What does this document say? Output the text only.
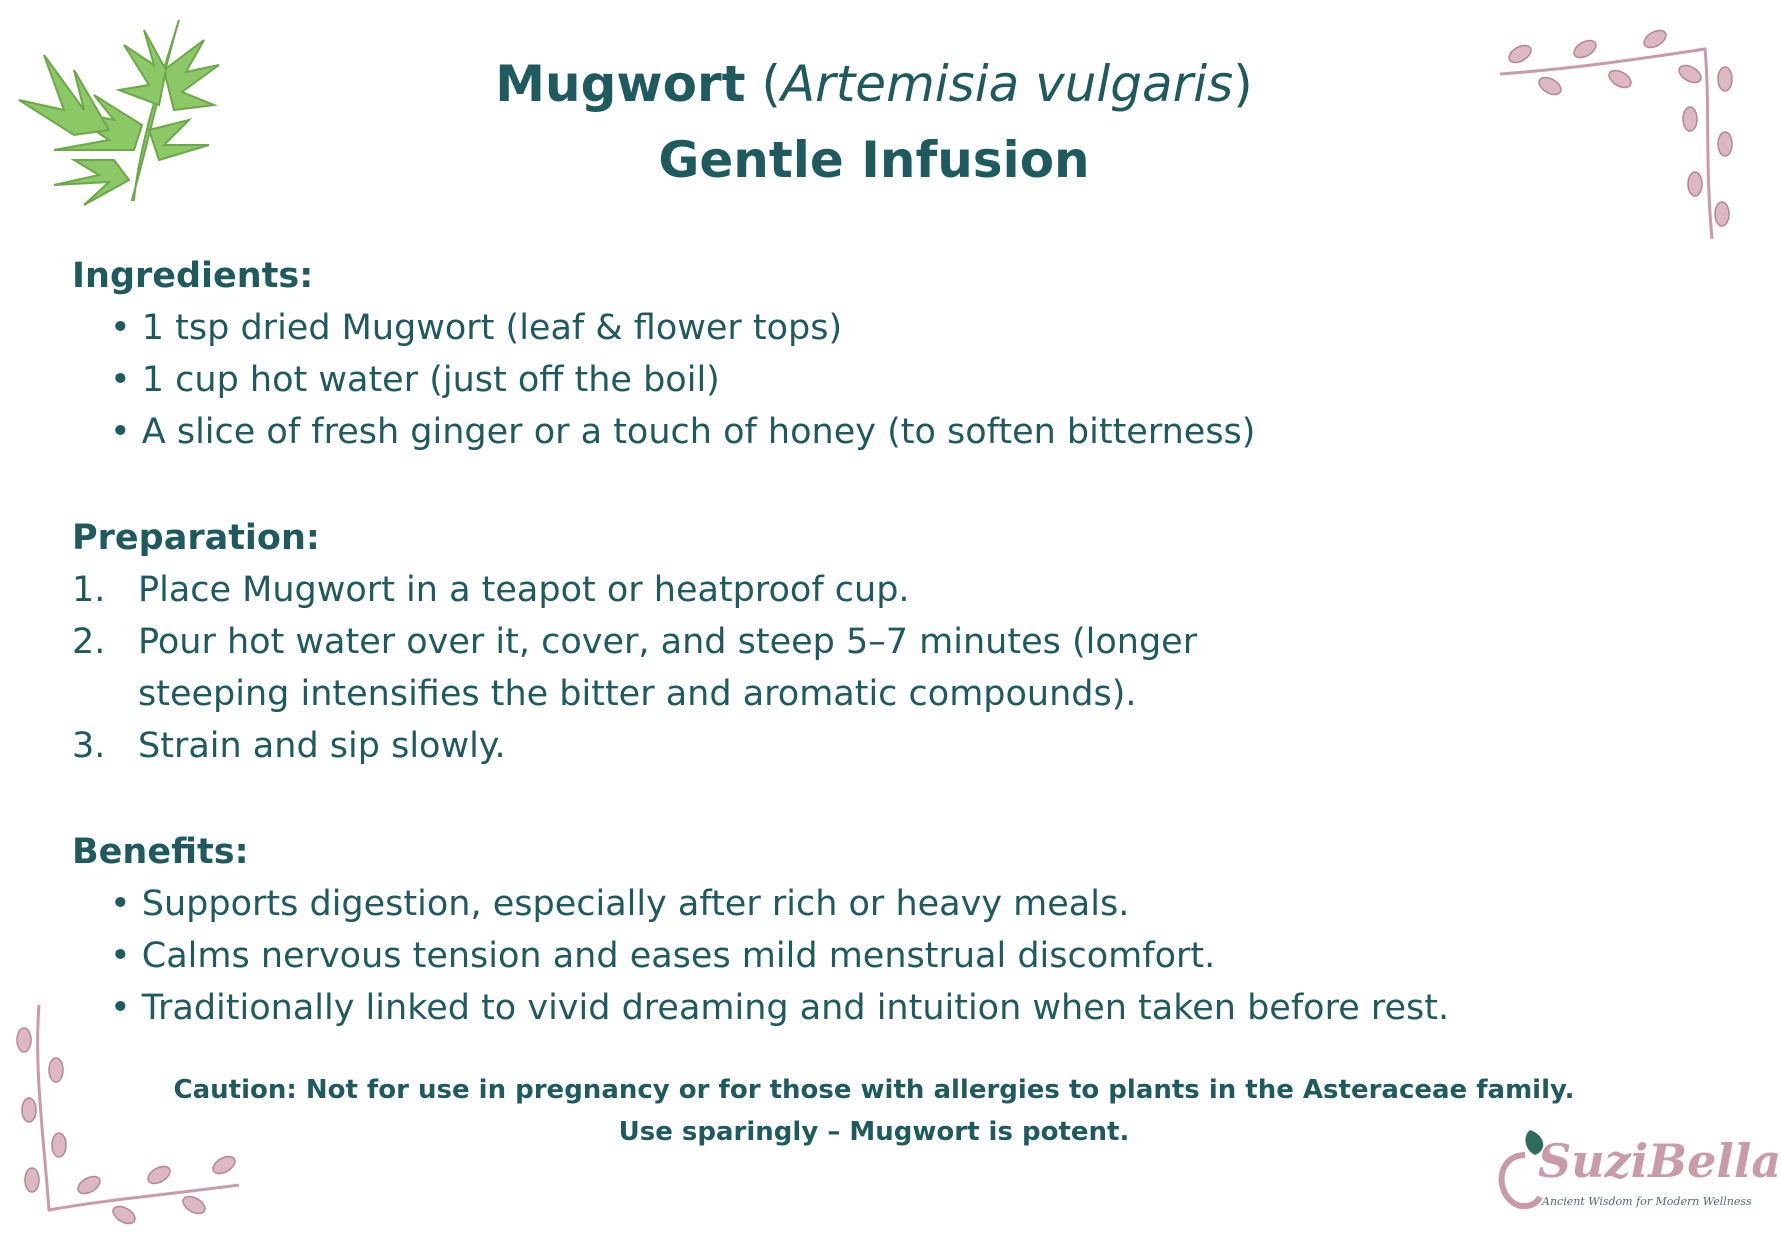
Mugwort (Artemisia vulgaris)
Gentle Infusion
Ingredients:
• 1 tsp dried Mugwort (leaf & flower tops)
• 1 cup hot water (just off the boil)
• A slice of fresh ginger or a touch of honey (to soften bitterness)
Preparation:
1. Place Mugwort in a teapot or heatproof cup.
2. Pour hot water over it, cover, and steep 5–7 minutes (longer
steeping intensifies the bitter and aromatic compounds).
3. Strain and sip slowly.
Benefits:
• Supports digestion, especially after rich or heavy meals.
• Calms nervous tension and eases mild menstrual discomfort.
• Traditionally linked to vivid dreaming and intuition when taken before rest.
Caution: Not for use in pregnancy or for those with allergies to plants in the Asteraceae family.
Use sparingly – Mugwort is potent.
SuziBella
Ancient Wisdom for Modern Wellness
